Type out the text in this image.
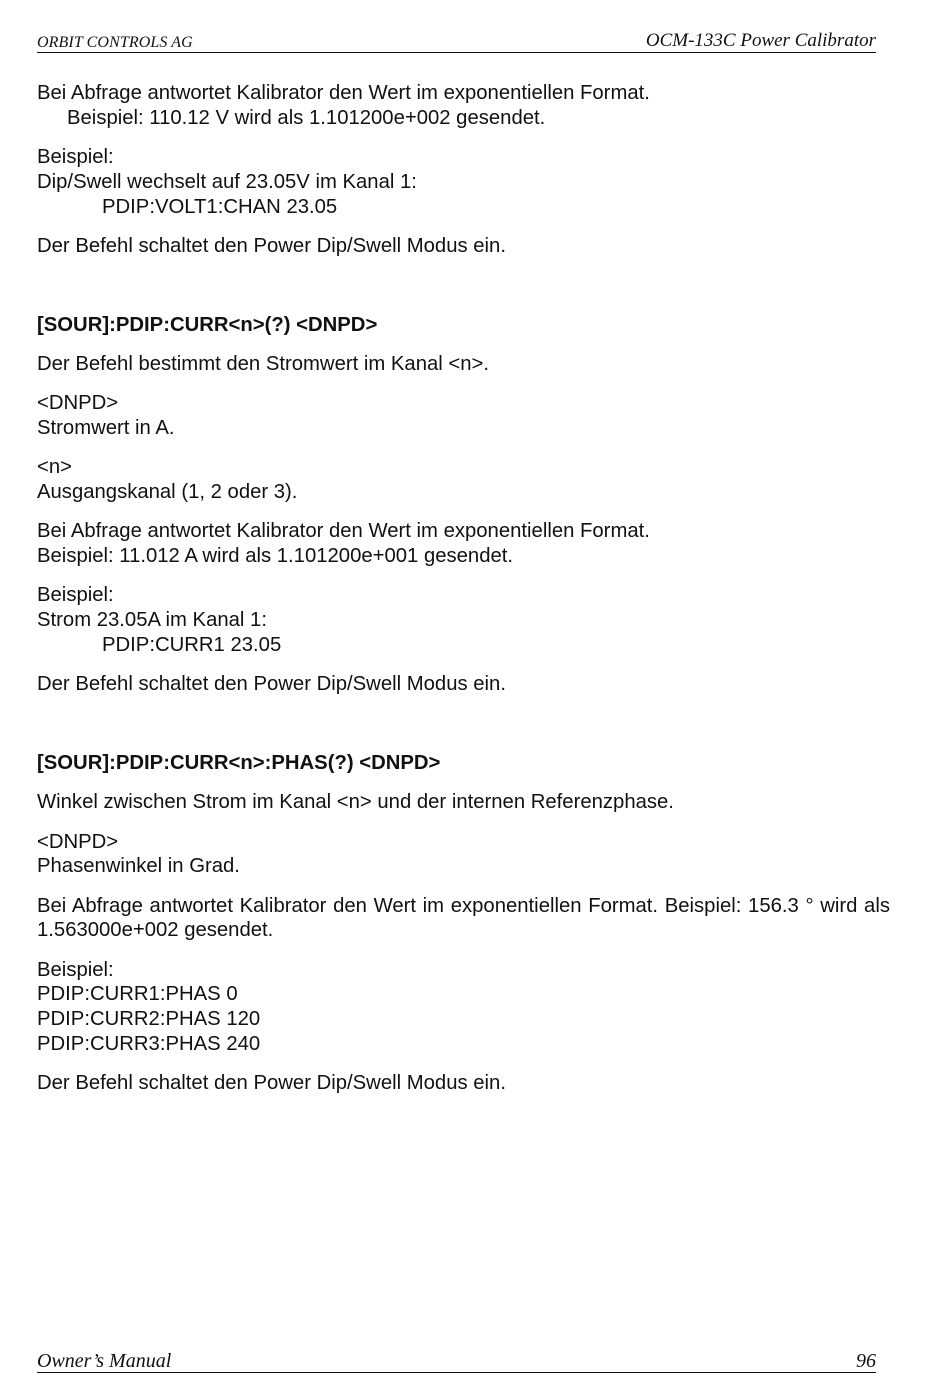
ORBIT CONTROLS AG	OCM-133C Power Calibrator

Bei Abfrage antwortet Kalibrator den Wert im exponentiellen Format.
Beispiel: 110.12 V wird als 1.101200e+002 gesendet.

Beispiel:
Dip/Swell wechselt auf 23.05V im Kanal 1:
PDIP:VOLT1:CHAN 23.05

Der Befehl schaltet den Power Dip/Swell Modus ein.

[SOUR]:PDIP:CURR<n>(?) <DNPD>

Der Befehl bestimmt den Stromwert im Kanal <n>.

<DNPD>
Stromwert in A.

<n>
Ausgangskanal (1, 2 oder 3).

Bei Abfrage antwortet Kalibrator den Wert im exponentiellen Format.
Beispiel: 11.012 A wird als 1.101200e+001 gesendet.

Beispiel:
Strom 23.05A im Kanal 1:
PDIP:CURR1 23.05

Der Befehl schaltet den Power Dip/Swell Modus ein.

[SOUR]:PDIP:CURR<n>:PHAS(?) <DNPD>

Winkel zwischen Strom im Kanal <n> und der internen Referenzphase.

<DNPD>
Phasenwinkel in Grad.

Bei Abfrage antwortet Kalibrator den Wert im exponentiellen Format. Beispiel: 156.3 ° wird als 1.563000e+002 gesendet.

Beispiel:
PDIP:CURR1:PHAS 0
PDIP:CURR2:PHAS 120
PDIP:CURR3:PHAS 240

Der Befehl schaltet den Power Dip/Swell Modus ein.

Owner’s Manual	96
